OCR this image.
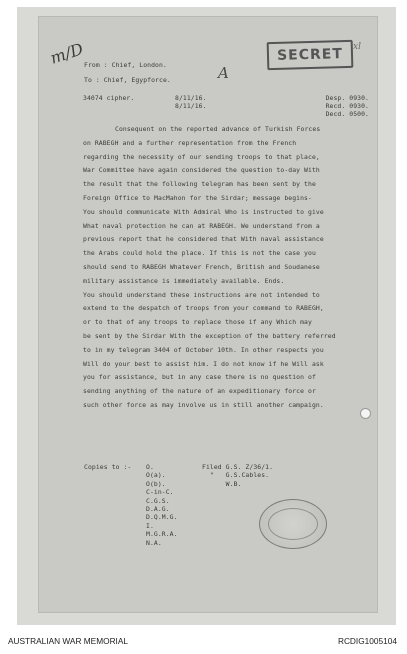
m/D
A
SECRET	xl
From : Chief, London.
To : Chief, Egypforce.
34074 cipher.	8/11/16.
8/11/16.
Desp. 0930.
Recd. 0930.
Decd. 0500.
Consequent on the reported advance of Turkish Forces
on RABEGH and a further representation from the French
regarding the necessity of our sending troops to that place,
War Committee have again considered the question to-day With
the result that the following telegram has been sent by the
Foreign Office to MacMahon for the Sirdar; message begins-
You should communicate With Admiral Who is instructed to give
What naval protection he can at RABEGH. We understand from a
previous report that he considered that With naval assistance
the Arabs could hold the place. If this is not the case you
should send to RABEGH Whatever French, British and Soudanese
military assistance is immediately available. Ends.
You should understand these instructions are not intended to
extend to the despatch of troops from your command to RABEGH,
or to that of any troops to replace those if any Which may
be sent by the Sirdar With the exception of the battery referred
to in my telegram 3404 of October 10th. In other respects you
Will do your best to assist him. I do not know if he Will ask
you for assistance, but in any case there is no question of
sending anything of the nature of an expeditionary force or
such other force as may involve us in still another campaign.
Copies to :- O.
O(a).
O(b).
C-in-C.
C.G.S.
D.A.G.
D.Q.M.G.
I.
M.G.R.A.
N.A.
Filed G.S. Z/36/1.
"   G.S.Cables.
W.B.
AUSTRALIAN WAR MEMORIAL	RCDIG1005104
